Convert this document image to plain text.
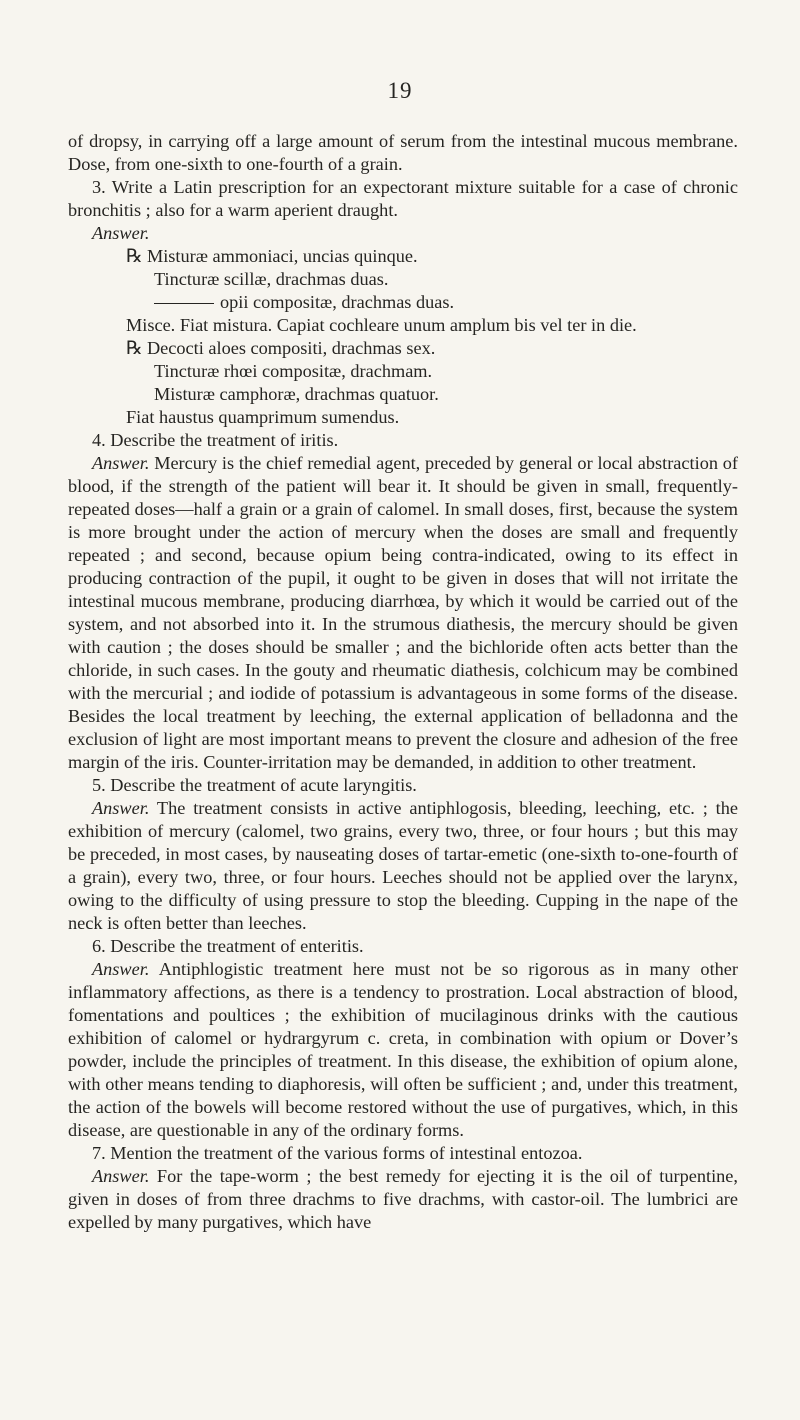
19

of dropsy, in carrying off a large amount of serum from the intestinal mucous membrane. Dose, from one-sixth to one-fourth of a grain.

3. Write a Latin prescription for an expectorant mixture suitable for a case of chronic bronchitis ; also for a warm aperient draught.

Answer.

℞ Misturæ ammoniaci, uncias quinque.

Tincturæ scillæ, drachmas duas.

opii compositæ, drachmas duas.

Misce. Fiat mistura. Capiat cochleare unum amplum bis vel ter in die.

℞ Decocti aloes compositi, drachmas sex.

Tincturæ rhœi compositæ, drachmam.

Misturæ camphoræ, drachmas quatuor.

Fiat haustus quamprimum sumendus.

4. Describe the treatment of iritis.

Answer. Mercury is the chief remedial agent, preceded by general or local abstraction of blood, if the strength of the patient will bear it. It should be given in small, frequently-repeated doses—half a grain or a grain of calomel. In small doses, first, because the system is more brought under the action of mercury when the doses are small and frequently repeated ; and second, because opium being contra-indicated, owing to its effect in producing contraction of the pupil, it ought to be given in doses that will not irritate the intestinal mucous membrane, producing diarrhœa, by which it would be carried out of the system, and not absorbed into it. In the strumous diathesis, the mercury should be given with caution ; the doses should be smaller ; and the bichloride often acts better than the chloride, in such cases. In the gouty and rheumatic diathesis, colchicum may be combined with the mercurial ; and iodide of potassium is advantageous in some forms of the disease. Besides the local treatment by leeching, the external application of belladonna and the exclusion of light are most important means to prevent the closure and adhesion of the free margin of the iris. Counter-irritation may be demanded, in addition to other treatment.

5. Describe the treatment of acute laryngitis.

Answer. The treatment consists in active antiphlogosis, bleeding, leeching, etc. ; the exhibition of mercury (calomel, two grains, every two, three, or four hours ; but this may be preceded, in most cases, by nauseating doses of tartar-emetic (one-sixth to-one-fourth of a grain), every two, three, or four hours. Leeches should not be applied over the larynx, owing to the difficulty of using pressure to stop the bleeding. Cupping in the nape of the neck is often better than leeches.

6. Describe the treatment of enteritis.

Answer. Antiphlogistic treatment here must not be so rigorous as in many other inflammatory affections, as there is a tendency to prostration. Local abstraction of blood, fomentations and poultices ; the exhibition of mucilaginous drinks with the cautious exhibition of calomel or hydrargyrum c. creta, in combination with opium or Dover’s powder, include the principles of treatment. In this disease, the exhibition of opium alone, with other means tending to diaphoresis, will often be sufficient ; and, under this treatment, the action of the bowels will become restored without the use of purgatives, which, in this disease, are questionable in any of the ordinary forms.

7. Mention the treatment of the various forms of intestinal entozoa.

Answer. For the tape-worm ; the best remedy for ejecting it is the oil of turpentine, given in doses of from three drachms to five drachms, with castor-oil. The lumbrici are expelled by many purgatives, which have
